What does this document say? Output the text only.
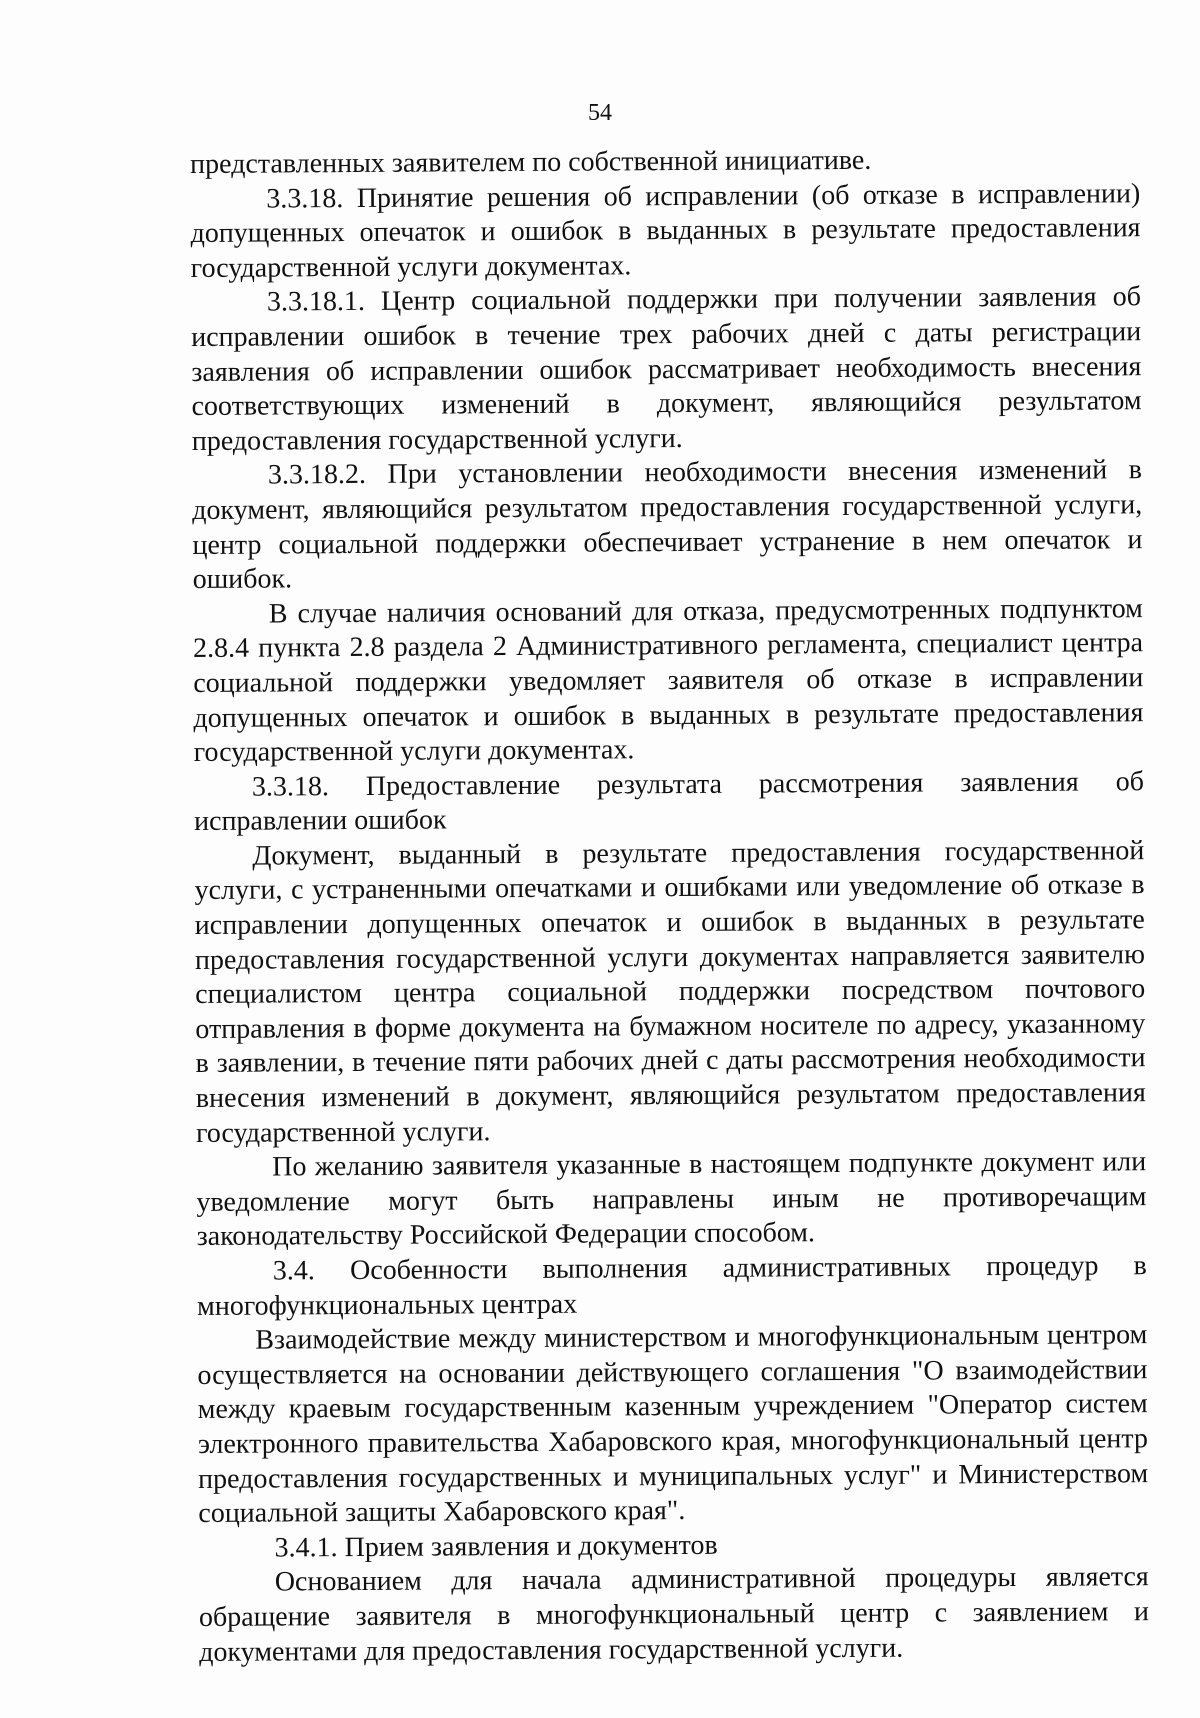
54

представленных заявителем по собственной инициативе.

3.3.18. Принятие решения об исправлении (об отказе в исправлении) допущенных опечаток и ошибок в выданных в результате предоставления государственной услуги документах.

3.3.18.1. Центр социальной поддержки при получении заявления об исправлении ошибок в течение трех рабочих дней с даты регистрации заявления об исправлении ошибок рассматривает необходимость внесения соответствующих изменений в документ, являющийся результатом предоставления государственной услуги.

3.3.18.2. При установлении необходимости внесения изменений в документ, являющийся результатом предоставления государственной услуги, центр социальной поддержки обеспечивает устранение в нем опечаток и ошибок.

В случае наличия оснований для отказа, предусмотренных подпунктом 2.8.4 пункта 2.8 раздела 2 Административного регламента, специалист центра социальной поддержки уведомляет заявителя об отказе в исправлении допущенных опечаток и ошибок в выданных в результате предоставления государственной услуги документах.

3.3.18. Предоставление результата рассмотрения заявления об исправлении ошибок

Документ, выданный в результате предоставления государственной услуги, с устраненными опечатками и ошибками или уведомление об отказе в исправлении допущенных опечаток и ошибок в выданных в результате предоставления государственной услуги документах направляется заявителю специалистом центра социальной поддержки посредством почтового отправления в форме документа на бумажном носителе по адресу, указанному в заявлении, в течение пяти рабочих дней с даты рассмотрения необходимости внесения изменений в документ, являющийся результатом предоставления государственной услуги.

По желанию заявителя указанные в настоящем подпункте документ или уведомление могут быть направлены иным не противоречащим законодательству Российской Федерации способом.

3.4. Особенности выполнения административных процедур в многофункциональных центрах

Взаимодействие между министерством и многофункциональным центром осуществляется на основании действующего соглашения "О взаимодействии между краевым государственным казенным учреждением "Оператор систем электронного правительства Хабаровского края, многофункциональный центр предоставления государственных и муниципальных услуг" и Министерством социальной защиты Хабаровского края".

3.4.1. Прием заявления и документов

Основанием для начала административной процедуры является обращение заявителя в многофункциональный центр с заявлением и документами для предоставления государственной услуги.
